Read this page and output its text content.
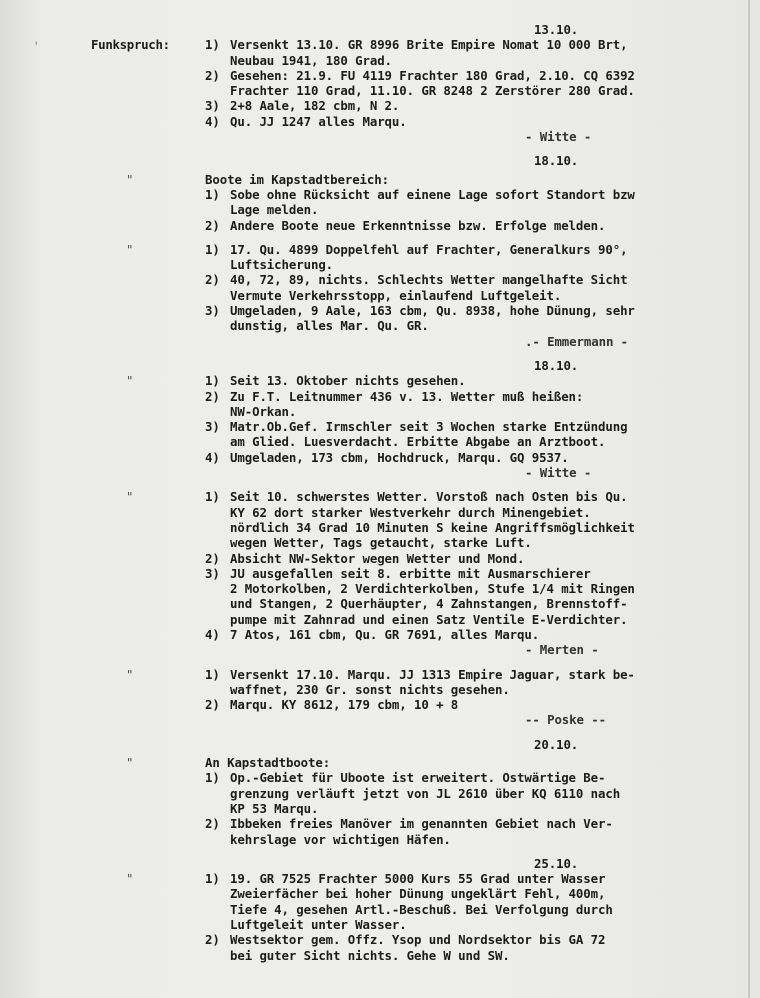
’
13.10.
Funkspruch:	1) Versenkt 13.10. GR 8996 Brite Empire Nomat 10 000 Brt,
Neubau 1941, 180 Grad.
2) Gesehen: 21.9. FU 4119 Frachter 180 Grad, 2.10. CQ 6392
Frachter 110 Grad, 11.10. GR 8248 2 Zerstörer 280 Grad.
3) 2+8 Aale, 182 cbm, N 2.
4) Qu. JJ 1247 alles Marqu.
- Witte -
18.10.
"	Boote im Kapstadtbereich:
1) Sobe ohne Rücksicht auf einene Lage sofort Standort bzw
Lage melden.
2) Andere Boote neue Erkenntnisse bzw. Erfolge melden.
"	1) 17. Qu. 4899 Doppelfehl auf Frachter, Generalkurs 90°,
Luftsicherung.
2) 40, 72, 89, nichts. Schlechts Wetter mangelhafte Sicht
Vermute Verkehrsstopp, einlaufend Luftgeleit.
3) Umgeladen, 9 Aale, 163 cbm, Qu. 8938, hohe Dünung, sehr
dunstig, alles Mar. Qu. GR.
.- Emmermann -
18.10.
"	1) Seit 13. Oktober nichts gesehen.
2) Zu F.T. Leitnummer 436 v. 13. Wetter muß heißen:
NW-Orkan.
3) Matr.Ob.Gef. Irmschler seit 3 Wochen starke Entzündung
am Glied. Luesverdacht. Erbitte Abgabe an Arztboot.
4) Umgeladen, 173 cbm, Hochdruck, Marqu. GQ 9537.
- Witte -
"	1) Seit 10. schwerstes Wetter. Vorstoß nach Osten bis Qu.
KY 62 dort starker Westverkehr durch Minengebiet.
nördlich 34 Grad 10 Minuten S keine Angriffsmöglichkeit
wegen Wetter, Tags getaucht, starke Luft.
2) Absicht NW-Sektor wegen Wetter und Mond.
3) JU ausgefallen seit 8. erbitte mit Ausmarschierer
2 Motorkolben, 2 Verdichterkolben, Stufe 1/4 mit Ringen
und Stangen, 2 Querhäupter, 4 Zahnstangen, Brennstoff-
pumpe mit Zahnrad und einen Satz Ventile E-Verdichter.
4) 7 Atos, 161 cbm, Qu. GR 7691, alles Marqu.
- Merten -
"	1) Versenkt 17.10. Marqu. JJ 1313 Empire Jaguar, stark be-
waffnet, 230 Gr. sonst nichts gesehen.
2) Marqu. KY 8612, 179 cbm, 10 + 8
-- Poske --
20.10.
"	An Kapstadtboote:
1) Op.-Gebiet für Uboote ist erweitert. Ostwärtige Be-
grenzung verläuft jetzt von JL 2610 über KQ 6110 nach
KP 53 Marqu.
2) Ibbeken freies Manöver im genannten Gebiet nach Ver-
kehrslage vor wichtigen Häfen.
25.10.
"	1) 19. GR 7525 Frachter 5000 Kurs 55 Grad unter Wasser
Zweierfächer bei hoher Dünung ungeklärt Fehl, 400m,
Tiefe 4, gesehen Artl.-Beschuß. Bei Verfolgung durch
Luftgeleit unter Wasser.
2) Westsektor gem. Offz. Ysop und Nordsektor bis GA 72
bei guter Sicht nichts. Gehe W und SW.
